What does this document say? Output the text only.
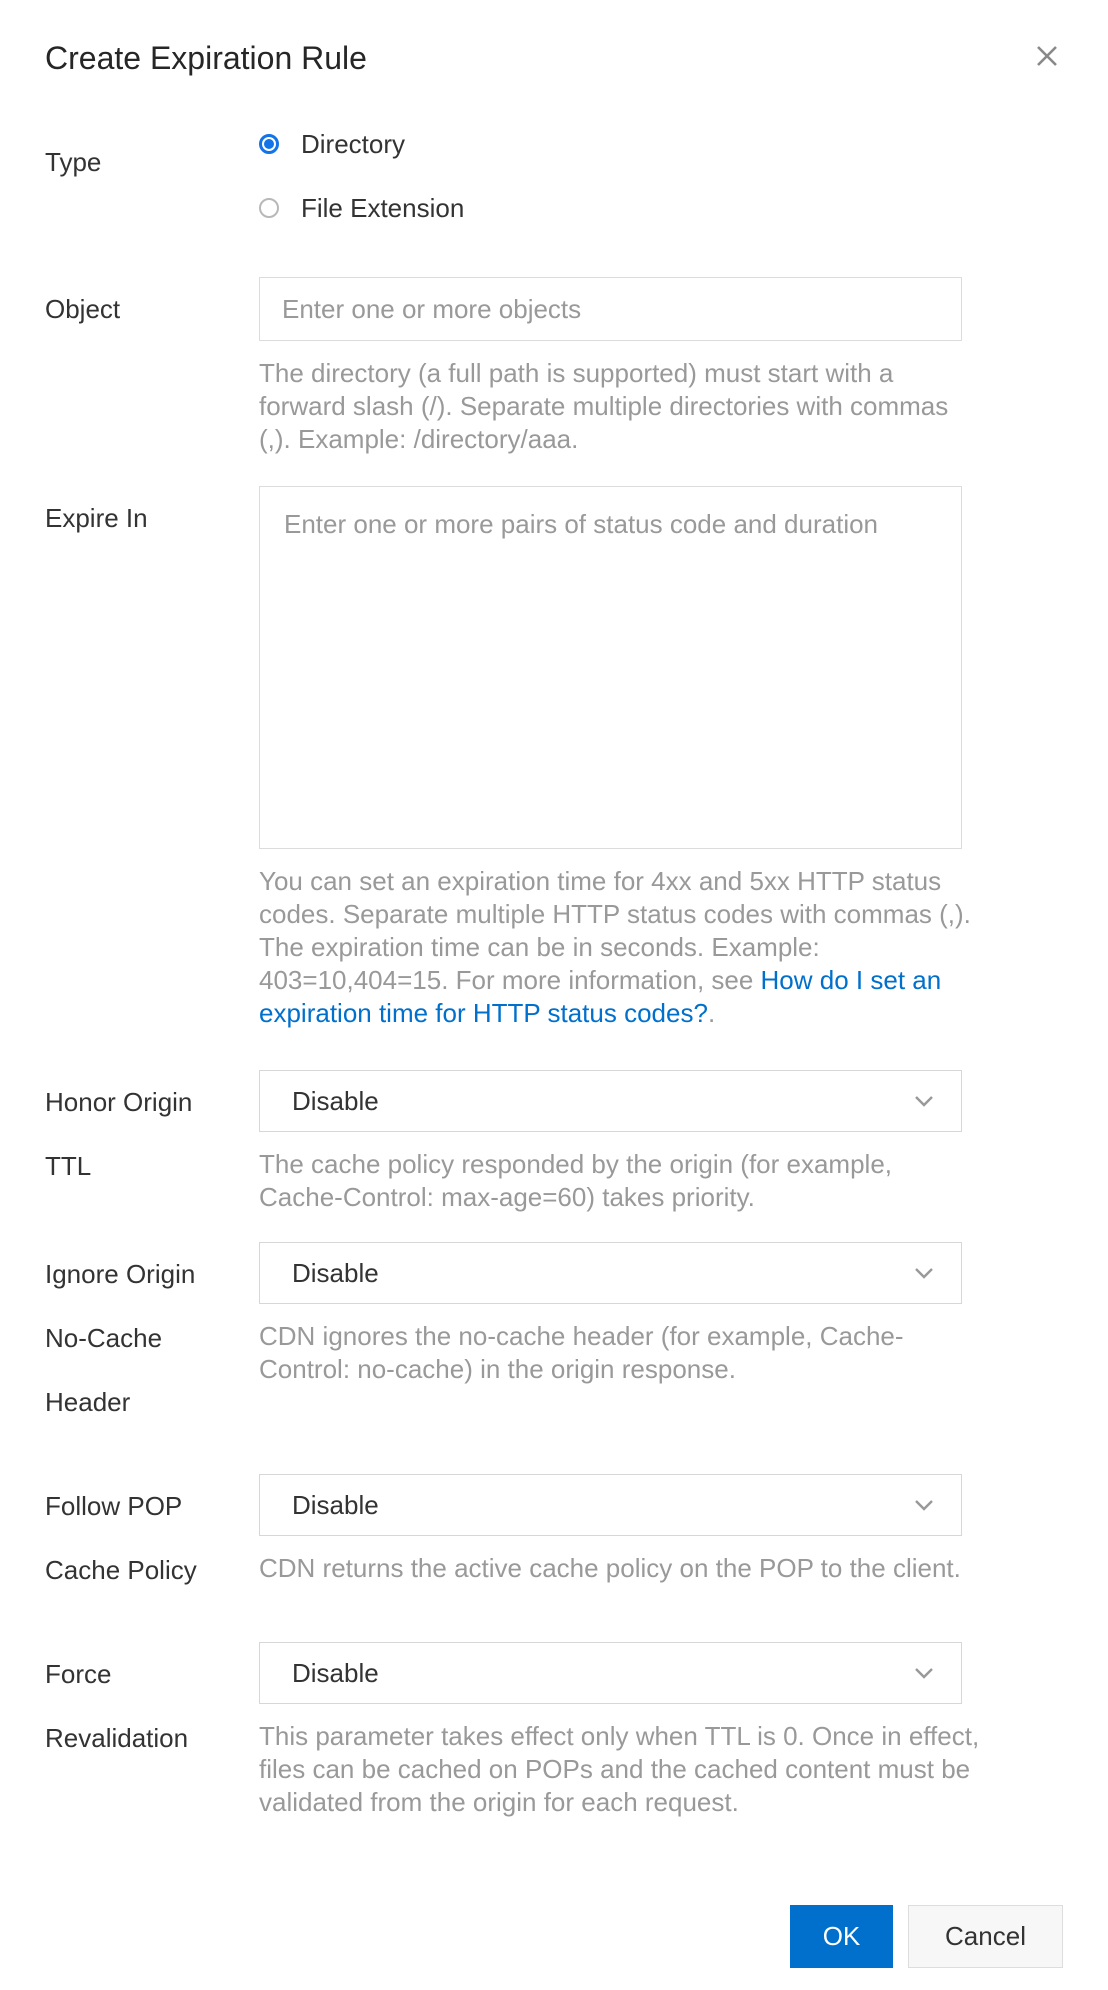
Create Expiration Rule
Type
Directory
File Extension
Object
Enter one or more objects
The directory (a full path is supported) must start with a forward slash (/). Separate multiple directories with commas (,). Example: /directory/aaa.
Expire In
Enter one or more pairs of status code and duration
You can set an expiration time for 4xx and 5xx HTTP status codes. Separate multiple HTTP status codes with commas (,). The expiration time can be in seconds. Example: 403=10,404=15. For more information, see How do I set an expiration time for HTTP status codes?.
Honor Origin TTL
Disable
The cache policy responded by the origin (for example, Cache-Control: max-age=60) takes priority.
Ignore Origin No-Cache Header
Disable
CDN ignores the no-cache header (for example, Cache-Control: no-cache) in the origin response.
Follow POP Cache Policy
Disable
CDN returns the active cache policy on the POP to the client.
Force Revalidation
Disable
This parameter takes effect only when TTL is 0. Once in effect, files can be cached on POPs and the cached content must be validated from the origin for each request.
OK	Cancel
